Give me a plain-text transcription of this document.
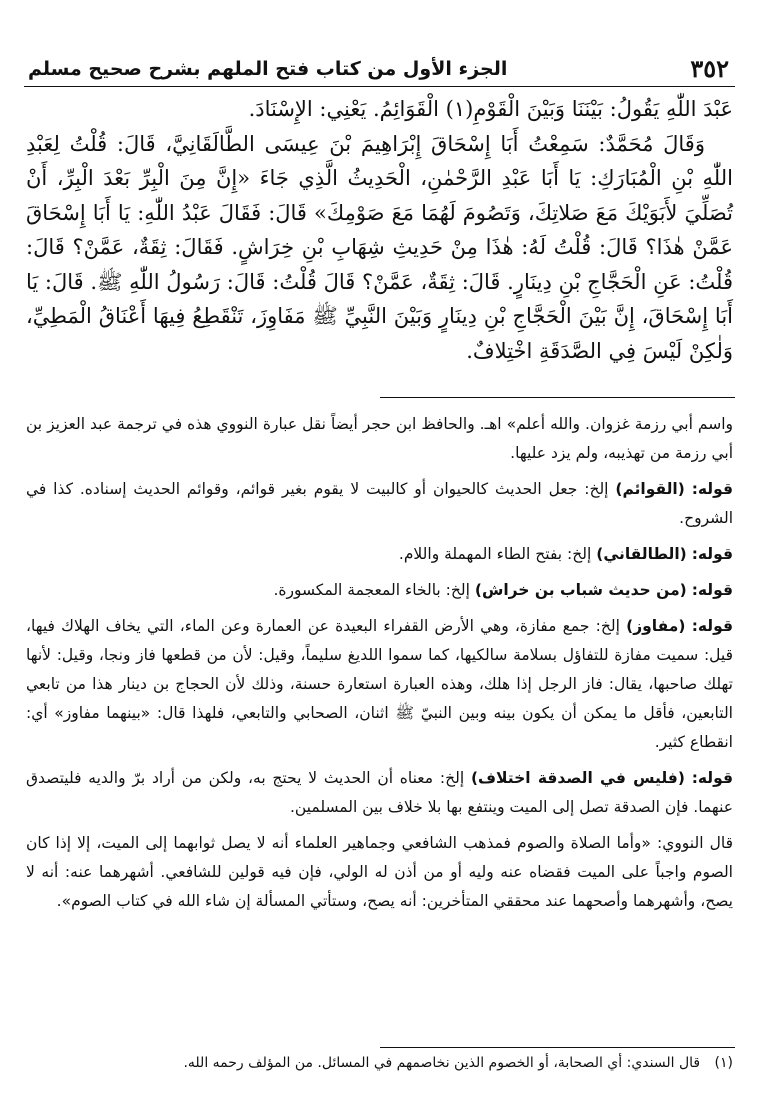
٣٥٢
الجزء الأول من كتاب فتح الملهم بشرح صحيح مسلم

عَبْدَ اللّٰهِ يَقُولُ: بَيْنَنَا وَبَيْنَ الْقَوْمِ(١) الْقَوَائِمُ. يَعْنِي: الإِسْنَادَ.

وَقَالَ مُحَمَّدٌ: سَمِعْتُ أَبَا إِسْحَاقَ إِبْرَاهِيمَ بْنَ عِيسَى الطَّالَقَانِيَّ، قَالَ: قُلْتُ لِعَبْدِ اللّٰهِ بْنِ الْمُبَارَكِ: يَا أَبَا عَبْدِ الرَّحْمٰنِ، الْحَدِيثُ الَّذِي جَاءَ «إِنَّ مِنَ الْبِرِّ بَعْدَ الْبِرِّ، أَنْ تُصَلِّيَ لأَبَوَيْكَ مَعَ صَلاتِكَ، وَتَصُومَ لَهُمَا مَعَ صَوْمِكَ» قَالَ: فَقَالَ عَبْدُ اللّٰهِ: يَا أَبَا إِسْحَاقَ عَمَّنْ هٰذَا؟ قَالَ: قُلْتُ لَهُ: هٰذَا مِنْ حَدِيثِ شِهَابِ بْنِ خِرَاشٍ. فَقَالَ: ثِقَةٌ، عَمَّنْ؟ قَالَ: قُلْتُ: عَنِ الْحَجَّاجِ بْنِ دِينَارٍ. قَالَ: ثِقَةٌ، عَمَّنْ؟ قَالَ قُلْتُ: قَالَ: رَسُولُ اللّٰهِ ﷺ. قَالَ: يَا أَبَا إِسْحَاقَ، إِنَّ بَيْنَ الْحَجَّاجِ بْنِ دِينَارٍ وَبَيْنَ النَّبِيِّ ﷺ مَفَاوِزَ، تَنْقَطِعُ فِيهَا أَعْنَاقُ الْمَطِيِّ، وَلٰكِنْ لَيْسَ فِي الصَّدَقَةِ اخْتِلافٌ.

واسم أبي رزمة غزوان. والله أعلم» اهـ. والحافظ ابن حجر أيضاً نقل عبارة النووي هذه في ترجمة عبد العزيز بن أبي رزمة من تهذيبه، ولم يزد عليها.

قوله: (القوائم) إلخ: جعل الحديث كالحيوان أو كالبيت لا يقوم بغير قوائم، وقوائم الحديث إسناده. كذا في الشروح.

قوله: (الطالقاني) إلخ: بفتح الطاء المهملة واللام.

قوله: (من حديث شباب بن خراش) إلخ: بالخاء المعجمة المكسورة.

قوله: (مفاوز) إلخ: جمع مفازة، وهي الأرض القفراء البعيدة عن العمارة وعن الماء، التي يخاف الهلاك فيها، قيل: سميت مفازة للتفاؤل بسلامة سالكيها، كما سموا اللديغ سليماً، وقيل: لأن من قطعها فاز ونجا، وقيل: لأنها تهلك صاحبها، يقال: فاز الرجل إذا هلك، وهذه العبارة استعارة حسنة، وذلك لأن الحجاج بن دينار هذا من تابعي التابعين، فأقل ما يمكن أن يكون بينه وبين النبيّ ﷺ اثنان، الصحابي والتابعي، فلهذا قال: «بينهما مفاوز» أي: انقطاع كثير.

قوله: (فليس في الصدقة اختلاف) إلخ: معناه أن الحديث لا يحتج به، ولكن من أراد برّ والديه فليتصدق عنهما. فإن الصدقة تصل إلى الميت وينتفع بها بلا خلاف بين المسلمين.

قال النووي: «وأما الصلاة والصوم فمذهب الشافعي وجماهير العلماء أنه لا يصل ثوابهما إلى الميت، إلا إذا كان الصوم واجباً على الميت فقضاه عنه وليه أو من أذن له الولي، فإن فيه قولين للشافعي. أشهرهما عنه: أنه لا يصح، وأشهرهما وأصحهما عند محققي المتأخرين: أنه يصح، وستأتي المسألة إن شاء الله في كتاب الصوم».

(١) قال السندي: أي الصحابة، أو الخصوم الذين نخاصمهم في المسائل. من المؤلف رحمه الله.
